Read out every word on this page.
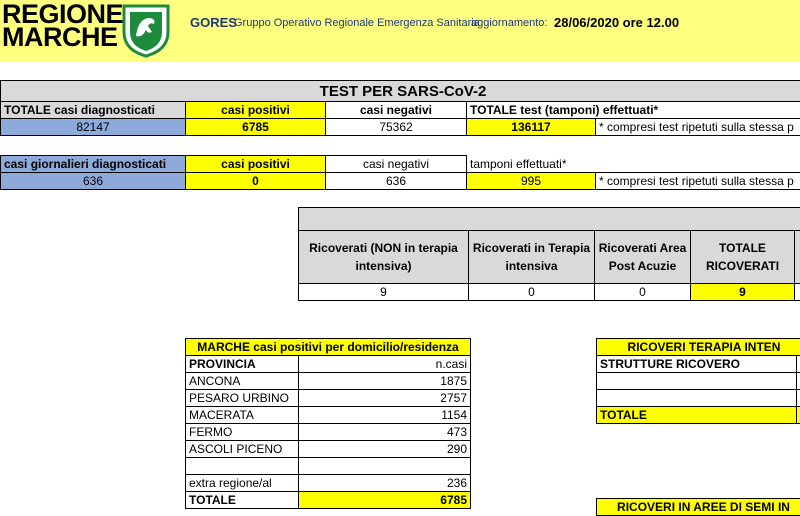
REGIONE
MARCHE	GORES
Gruppo Operativo Regionale Emergenza Sanitaria
aggiornamento: 28/06/2020 ore 12.00
TEST PER SARS-CoV-2				
TOTALE casi diagnosticati	casi positivi	casi negativi	TOTALE test (tamponi) effettuati*	
82147	6785	75362	136117	* compresi test ripetuti sulla stessa p
casi giornalieri diagnosticati	casi positivi	casi negativi	tamponi effettuati*	
636	0	636	995	* compresi test ripetuti sulla stessa p

Ricoverati (NON in terapia intensiva)	Ricoverati in Terapia intensiva	Ricoverati Area Post Acuzie	TOTALE RICOVERATI	
9	0	0	9	
MARCHE casi positivi per domicilio/residenza	
PROVINCIA	n.casi
ANCONA	1875
PESARO URBINO	2757
MACERATA	1154
FERMO	473
ASCOLI PICENO	290

extra regione/al	236
TOTALE	6785
RICOVERI TERAPIA INTEN	
STRUTTURE RICOVERO	

TOTALE	
RICOVERI IN AREE DI SEMI IN
